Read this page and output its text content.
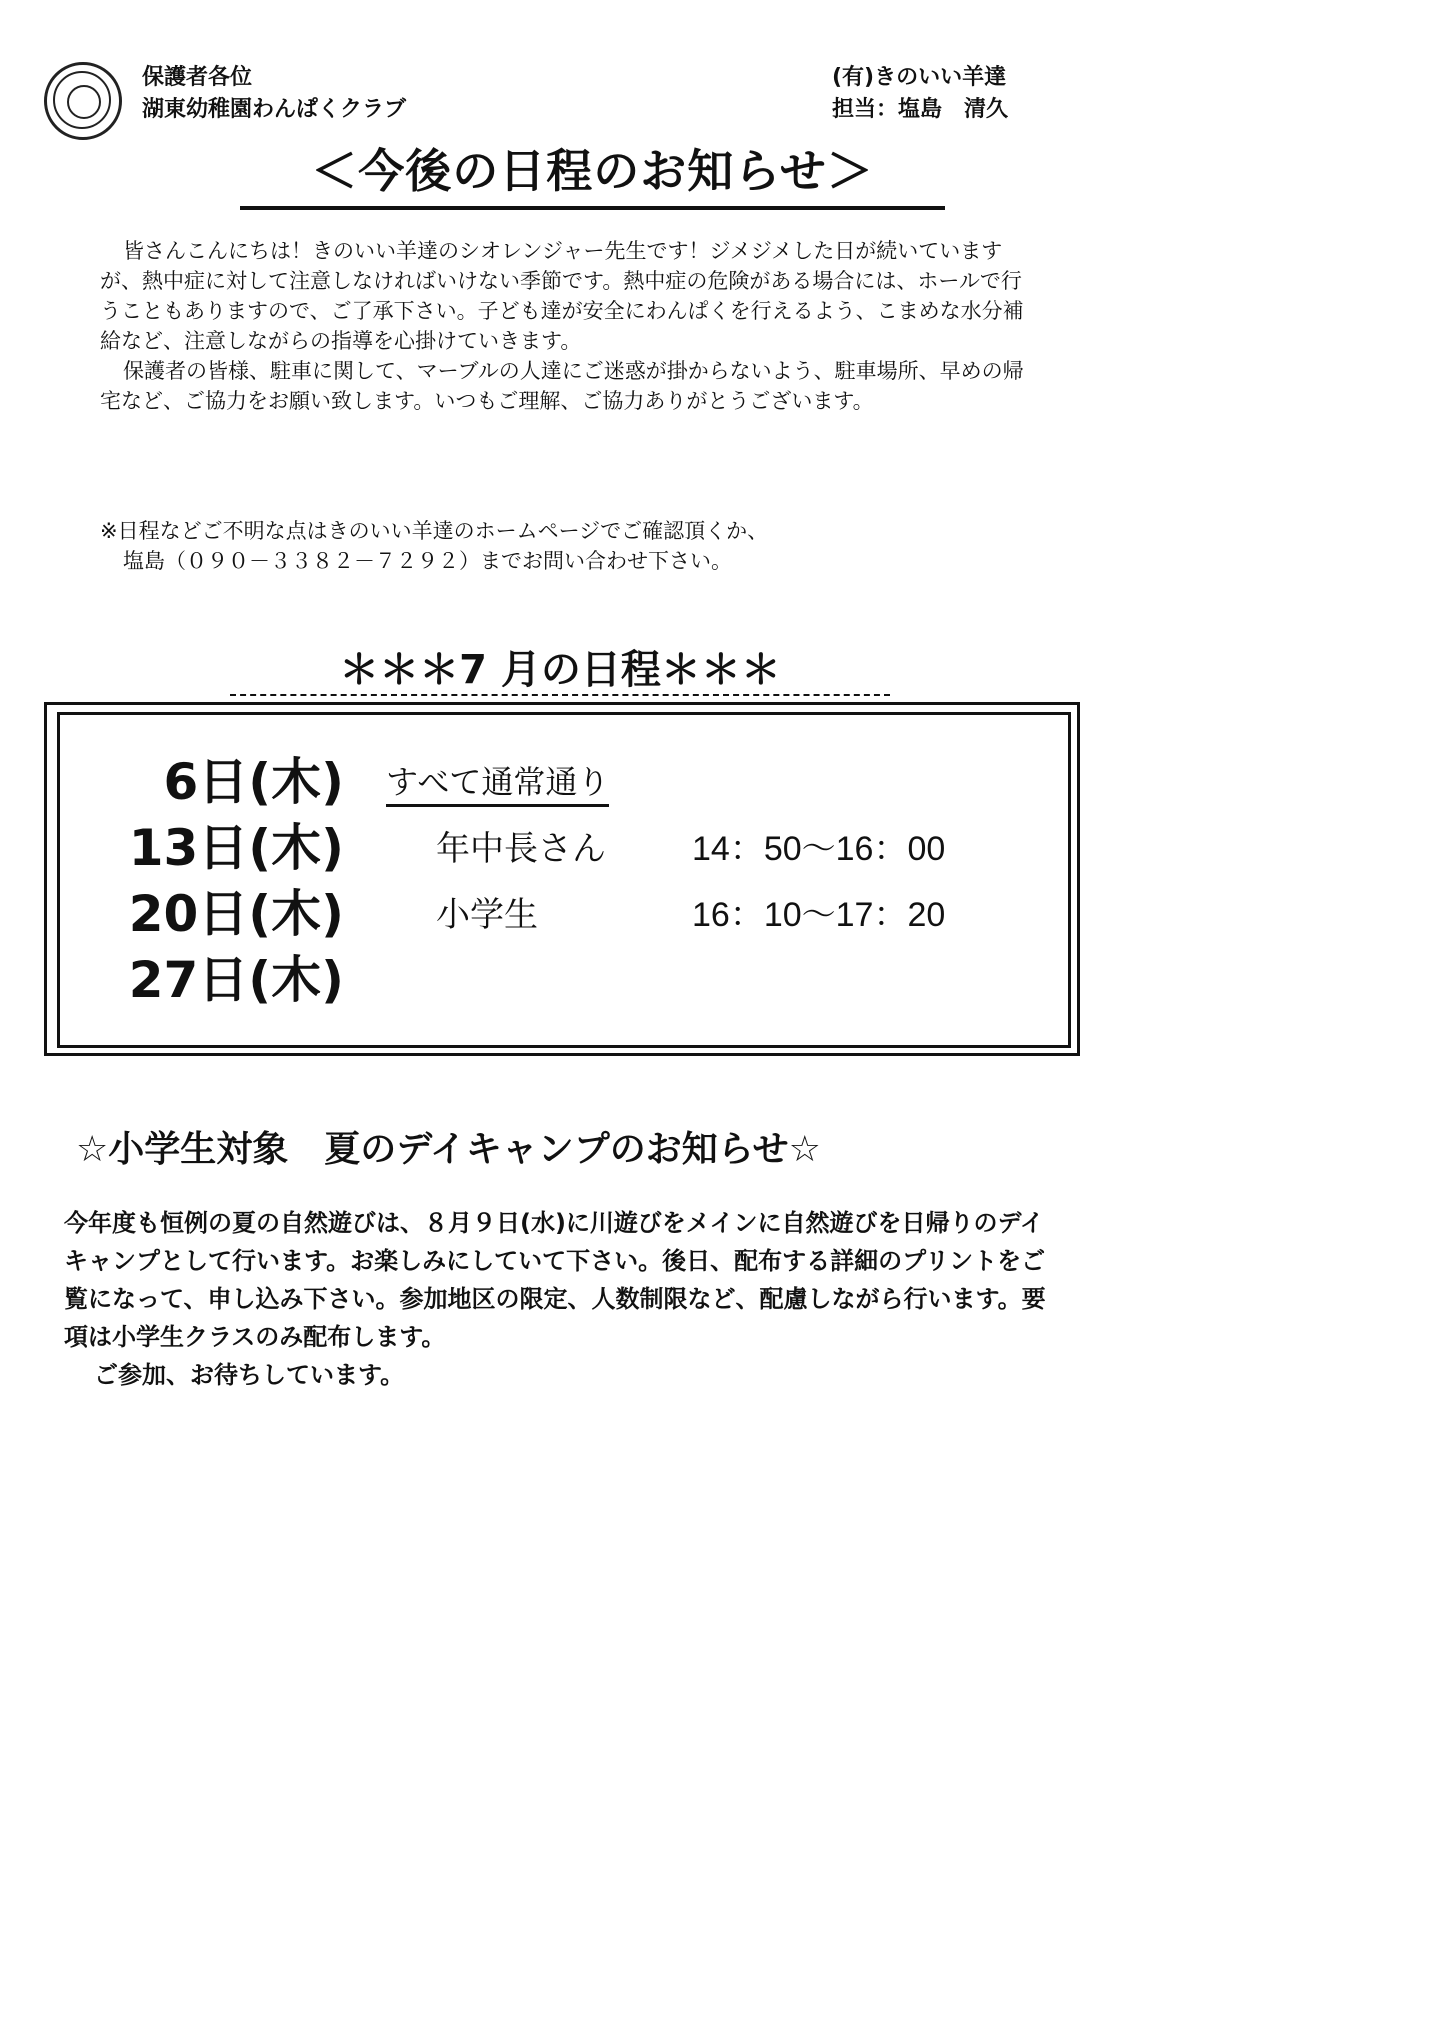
保護者各位
湖東幼稚園わんぱくクラブ
(有)きのいい羊達
担当：塩島　清久
＜今後の日程のお知らせ＞

皆さんこんにちは！きのいい羊達のシオレンジャー先生です！ジメジメした日が続いていますが、熱中症に対して注意しなければいけない季節です。熱中症の危険がある場合には、ホールで行うこともありますので、ご了承下さい。子ども達が安全にわんぱくを行えるよう、こまめな水分補給など、注意しながらの指導を心掛けていきます。

保護者の皆様、駐車に関して、マーブルの人達にご迷惑が掛からないよう、駐車場所、早めの帰宅など、ご協力をお願い致します。いつもご理解、ご協力ありがとうございます。

※日程などご不明な点はきのいい羊達のホームページでご確認頂くか、
塩島（０９０－３３８２－７２９２）までお問い合わせ下さい。
＊＊＊7 月の日程＊＊＊
6日(木)
13日(木)
20日(木)
27日(木)
すべて通常通り
年中長さん	14：50～16：00
小学生	16：10～17：20
☆小学生対象　夏のデイキャンプのお知らせ☆

今年度も恒例の夏の自然遊びは、８月９日(水)に川遊びをメインに自然遊びを日帰りのデイキャンプとして行います。お楽しみにしていて下さい。後日、配布する詳細のプリントをご覧になって、申し込み下さい。参加地区の限定、人数制限など、配慮しながら行います。要項は小学生クラスのみ配布します。

ご参加、お待ちしています。
